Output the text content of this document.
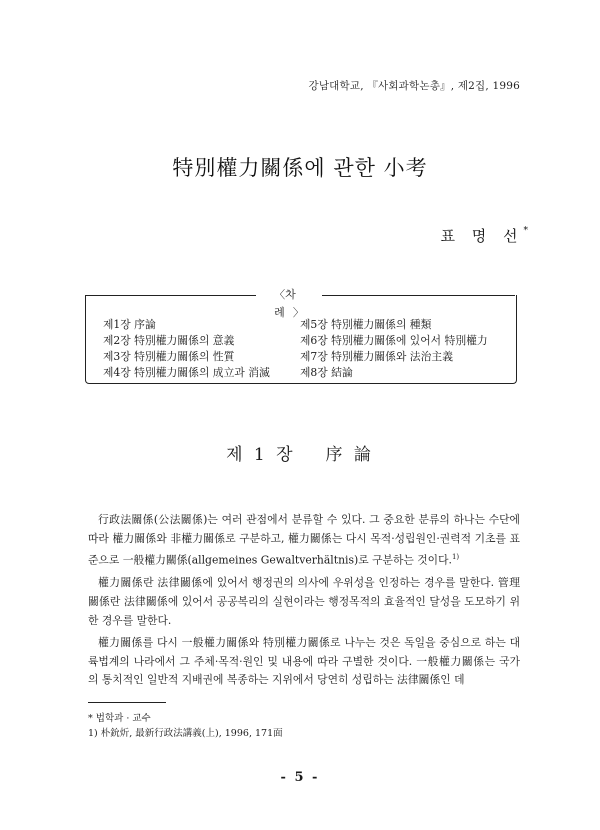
강남대학교, 『사회과학논총』, 제2집, 1996
特別權力關係에 관한 小考
표 명 선*
〈차 례〉
제1장 序論
제2장 特別權力關係의 意義
제3장 特別權力關係의 性質
제4장 特別權力關係의 成立과 消滅
제5장 特別權力關係의 種類
제6장 特別權力關係에 있어서 特別權力
제7장 特別權力關係와 法治主義
제8장 結論
제 1 장 序 論

行政法關係(公法關係)는 여러 관점에서 분류할 수 있다. 그 중요한 분류의 하나는 수단에 따라 權力關係와 非權力關係로 구분하고, 權力關係는 다시 목적·성립원인·권력적 기초를 표준으로 一般權力關係(allgemeines Gewaltverhältnis)로 구분하는 것이다.$^{1)}$

權力關係란 法律關係에 있어서 행정권의 의사에 우위성을 인정하는 경우를 말한다. 管理關係란 法律關係에 있어서 공공복리의 실현이라는 행정목적의 효율적인 달성을 도모하기 위한 경우를 말한다.

權力關係를 다시 一般權力關係와 特別權力關係로 나누는 것은 독일을 중심으로 하는 대륙법계의 나라에서 그 주체·목적·원인 및 내용에 따라 구별한 것이다. 一般權力關係는 국가의 통치적인 일반적 지배권에 복종하는 지위에서 당연히 성립하는 法律關係인 데

* 법학과 · 교수
1) 朴鈗炘, 最新行政法講義(上), 1996, 171面
- 5 -
